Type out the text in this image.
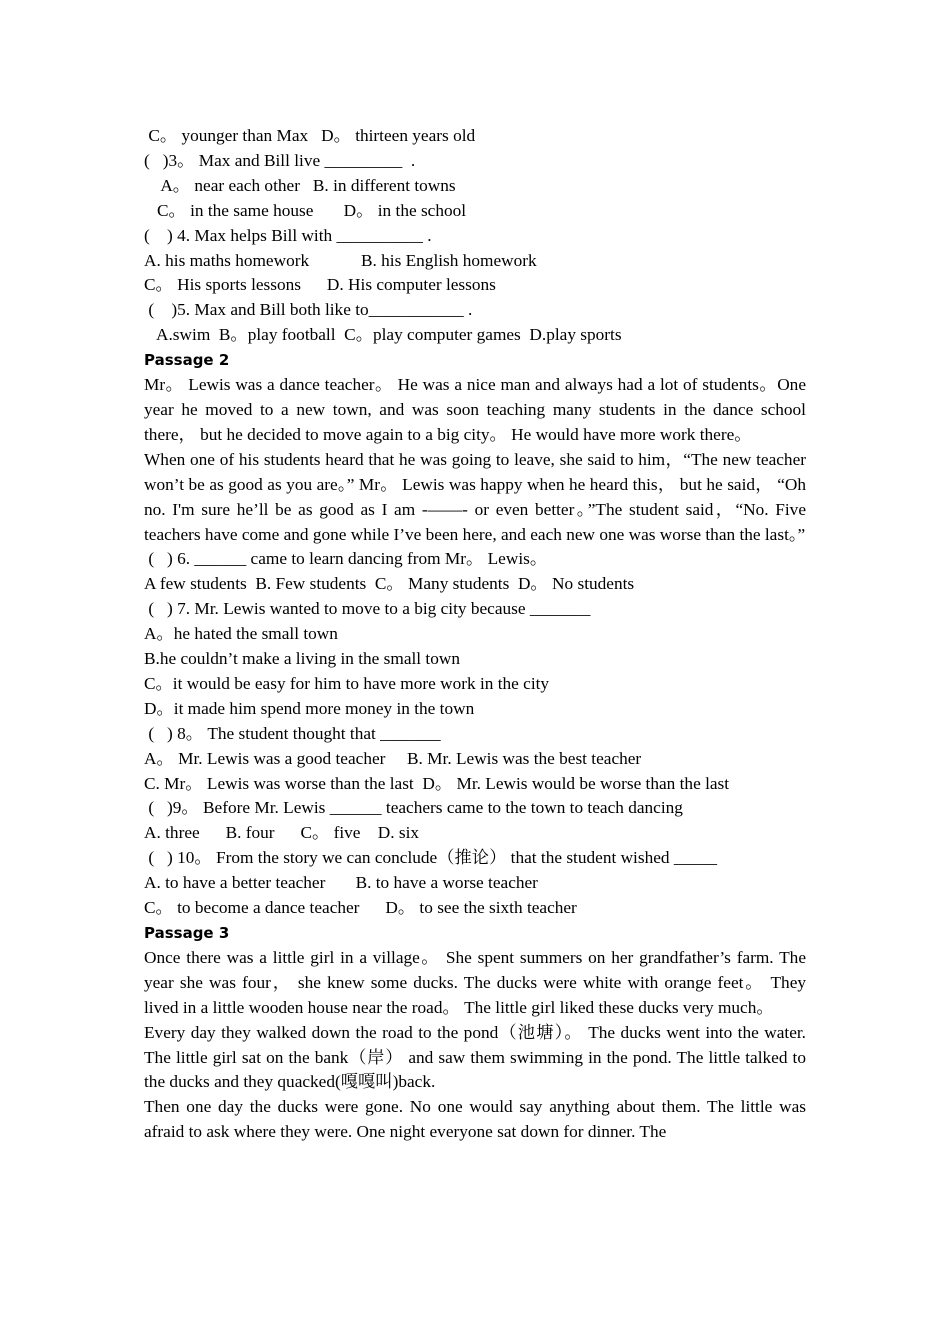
C。 younger than Max   D。 thirteen years old
(   )3。 Max and Bill live _________  .
A。 near each other   B. in different towns
C。 in the same house       D。 in the school
(    ) 4. Max helps Bill with __________ .
A. his maths homework            B. his English homework
C。 His sports lessons      D. His computer lessons
(    )5. Max and Bill both like to___________ .
A.swim  B。play football  C。play computer games  D.play sports
Passage 2

Mr。 Lewis was a dance teacher。 He was a nice man and always had a lot of students。One year he moved to a new town, and was soon teaching many students in the dance school there， but he decided to move again to a big city。 He would have more work there。

When one of his students heard that he was going to leave, she said to him，“The new teacher won’t be as good as you are。” Mr。 Lewis was happy when he heard this， but he said， “Oh no. I'm sure he’ll be as good as I am -——- or even better。”The student said，“No. Five teachers have come and gone while I’ve been here, and each new one was worse than the last。”

(   ) 6. ______ came to learn dancing from Mr。 Lewis。
A few students  B. Few students  C。 Many students  D。 No students
(   ) 7. Mr. Lewis wanted to move to a big city because _______
A。he hated the small town
B.he couldn’t make a living in the small town
C。it would be easy for him to have more work in the city
D。it made him spend more money in the town
(   ) 8。 The student thought that _______
A。 Mr. Lewis was a good teacher     B. Mr. Lewis was the best teacher
C. Mr。 Lewis was worse than the last  D。 Mr. Lewis would be worse than the last
(   )9。 Before Mr. Lewis ______ teachers came to the town to teach dancing
A. three      B. four      C。 five    D. six
(   ) 10。 From the story we can conclude（推论） that the student wished _____
A. to have a better teacher       B. to have a worse teacher
C。 to become a dance teacher      D。 to see the sixth teacher
Passage 3

Once there was a little girl in a village。 She spent summers on her grandfather’s farm. The year she was four， she knew some ducks. The ducks were white with orange feet。 They lived in a little wooden house near the road。 The little girl liked these ducks very much。

Every day they walked down the road to the pond（池塘）。 The ducks went into the water. The little girl sat on the bank（岸） and saw them swimming in the pond. The little talked to the ducks and they quacked(嘎嘎叫)back.

Then one day the ducks were gone. No one would say anything about them. The little was afraid to ask where they were. One night everyone sat down for dinner. The
